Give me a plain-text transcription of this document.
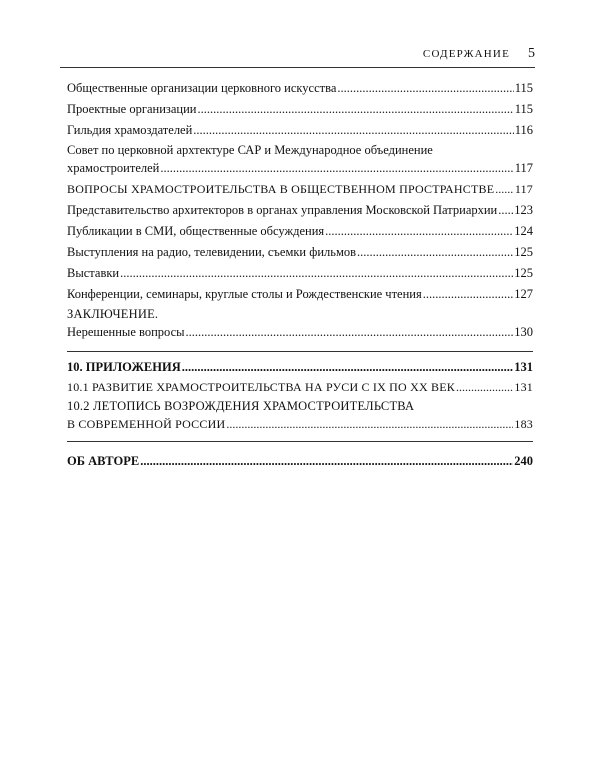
СОДЕРЖАНИЕ 5
Общественные организации церковного искусства .....	115
Проектные организации .....	115
Гильдия храмоздателей .....	116
Совет по церковной архтектуре САР и Международное объединение
храмостроителей .....	117
ВОПРОСЫ ХРАМОСТРОИТЕЛЬСТВА В ОБЩЕСТВЕННОМ ПРОСТРАНСТВЕ ..... 117
Представительство архитекторов в органах управления Московской Патриархии ..... 123
Публикации в СМИ, общественные обсуждения .....	124
Выступления на радио, телевидении, съемки фильмов .....	125
Выставки .....	125
Конференции, семинары, круглые столы и Рождественские чтения .....	127
ЗАКЛЮЧЕНИЕ.
Нерешенные вопросы .....	130
10. ПРИЛОЖЕНИЯ .....	131
10.1 РАЗВИТИЕ ХРАМОСТРОИТЕЛЬСТВА НА РУСИ С IX ПО XX ВЕК .....	131
10.2 ЛЕТОПИСЬ ВОЗРОЖДЕНИЯ ХРАМОСТРОИТЕЛЬСТВА
В СОВРЕМЕННОЙ РОССИИ .....	183
ОБ АВТОРЕ .....	240
